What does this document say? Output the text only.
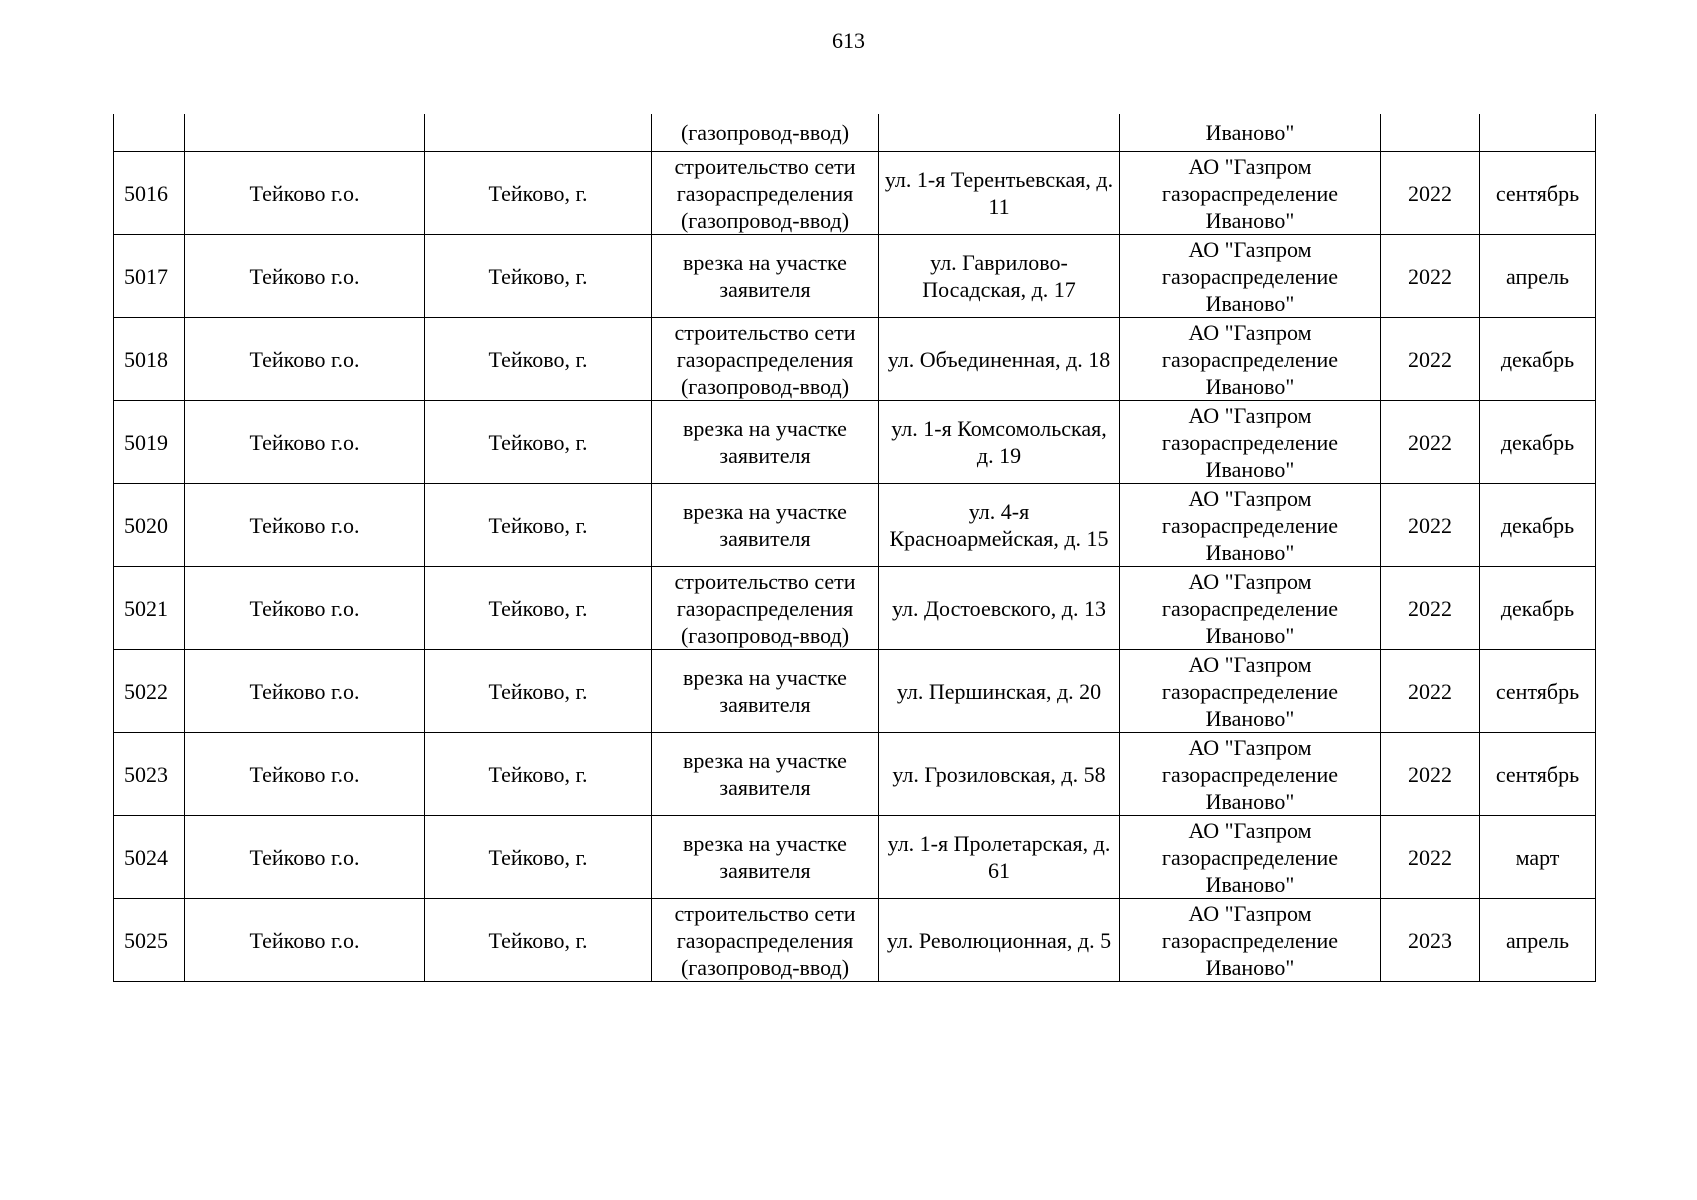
613
			(газопровод-ввод)		Иваново"		
5016	Тейково г.о.	Тейково, г.	строительство сети газораспределения (газопровод-ввод)	ул. 1-я Терентьевская, д. 11	АО "Газпром газораспределение Иваново"	2022	сентябрь
5017	Тейково г.о.	Тейково, г.	врезка на участке заявителя	ул. Гаврилово-Посадская, д. 17	АО "Газпром газораспределение Иваново"	2022	апрель
5018	Тейково г.о.	Тейково, г.	строительство сети газораспределения (газопровод-ввод)	ул. Объединенная, д. 18	АО "Газпром газораспределение Иваново"	2022	декабрь
5019	Тейково г.о.	Тейково, г.	врезка на участке заявителя	ул. 1-я Комсомольская, д. 19	АО "Газпром газораспределение Иваново"	2022	декабрь
5020	Тейково г.о.	Тейково, г.	врезка на участке заявителя	ул. 4-я Красноармейская, д. 15	АО "Газпром газораспределение Иваново"	2022	декабрь
5021	Тейково г.о.	Тейково, г.	строительство сети газораспределения (газопровод-ввод)	ул. Достоевского, д. 13	АО "Газпром газораспределение Иваново"	2022	декабрь
5022	Тейково г.о.	Тейково, г.	врезка на участке заявителя	ул. Першинская, д. 20	АО "Газпром газораспределение Иваново"	2022	сентябрь
5023	Тейково г.о.	Тейково, г.	врезка на участке заявителя	ул. Грозиловская, д. 58	АО "Газпром газораспределение Иваново"	2022	сентябрь
5024	Тейково г.о.	Тейково, г.	врезка на участке заявителя	ул. 1-я Пролетарская, д. 61	АО "Газпром газораспределение Иваново"	2022	март
5025	Тейково г.о.	Тейково, г.	строительство сети газораспределения (газопровод-ввод)	ул. Революционная, д. 5	АО "Газпром газораспределение Иваново"	2023	апрель
